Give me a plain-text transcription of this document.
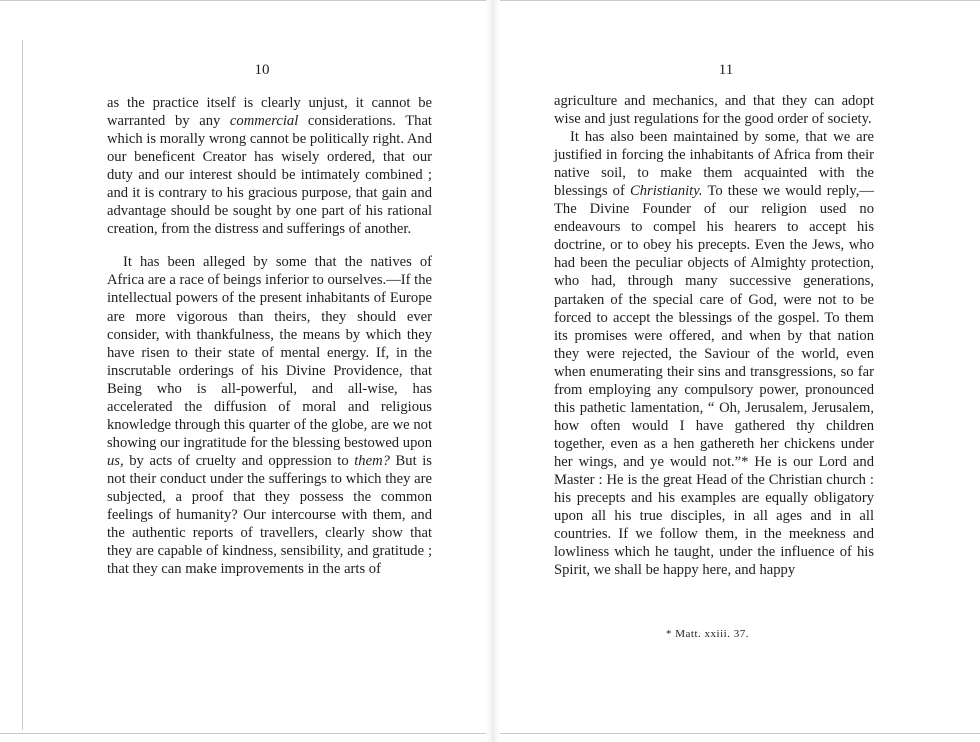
10

as the practice itself is clearly unjust, it cannot be warranted by any commercial considerations. That which is morally wrong cannot be politically right. And our beneficent Creator has wisely ordered, that our duty and our interest should be intimately combined ; and it is contrary to his gracious purpose, that gain and advantage should be sought by one part of his rational creation, from the distress and sufferings of another.

It has been alleged by some that the natives of Africa are a race of beings inferior to ourselves.—If the intellectual powers of the present inhabitants of Europe are more vigorous than theirs, they should ever consider, with thankfulness, the means by which they have risen to their state of mental energy. If, in the inscrutable orderings of his Divine Providence, that Being who is all-powerful, and all-wise, has accelerated the diffusion of moral and religious knowledge through this quarter of the globe, are we not showing our ingratitude for the blessing bestowed upon us, by acts of cruelty and oppression to them? But is not their conduct under the sufferings to which they are subjected, a proof that they possess the common feelings of humanity? Our intercourse with them, and the authentic reports of travellers, clearly show that they are capable of kindness, sensibility, and gratitude ; that they can make improvements in the arts of

11

agriculture and mechanics, and that they can adopt wise and just regulations for the good order of society.

It has also been maintained by some, that we are justified in forcing the inhabitants of Africa from their native soil, to make them acquainted with the blessings of Christianity. To these we would reply,—The Divine Founder of our religion used no endeavours to compel his hearers to accept his doctrine, or to obey his precepts. Even the Jews, who had been the peculiar objects of Almighty protection, who had, through many successive generations, partaken of the special care of God, were not to be forced to accept the blessings of the gospel. To them its promises were offered, and when by that nation they were rejected, the Saviour of the world, even when enumerating their sins and transgressions, so far from employing any compulsory power, pronounced this pathetic lamentation, “ Oh, Jerusalem, Jerusalem, how often would I have gathered thy children together, even as a hen gathereth her chickens under her wings, and ye would not.”* He is our Lord and Master : He is the great Head of the Christian church : his precepts and his examples are equally obligatory upon all his true disciples, in all ages and in all countries. If we follow them, in the meekness and lowliness which he taught, under the influence of his Spirit, we shall be happy here, and happy

* Matt. xxiii. 37.
